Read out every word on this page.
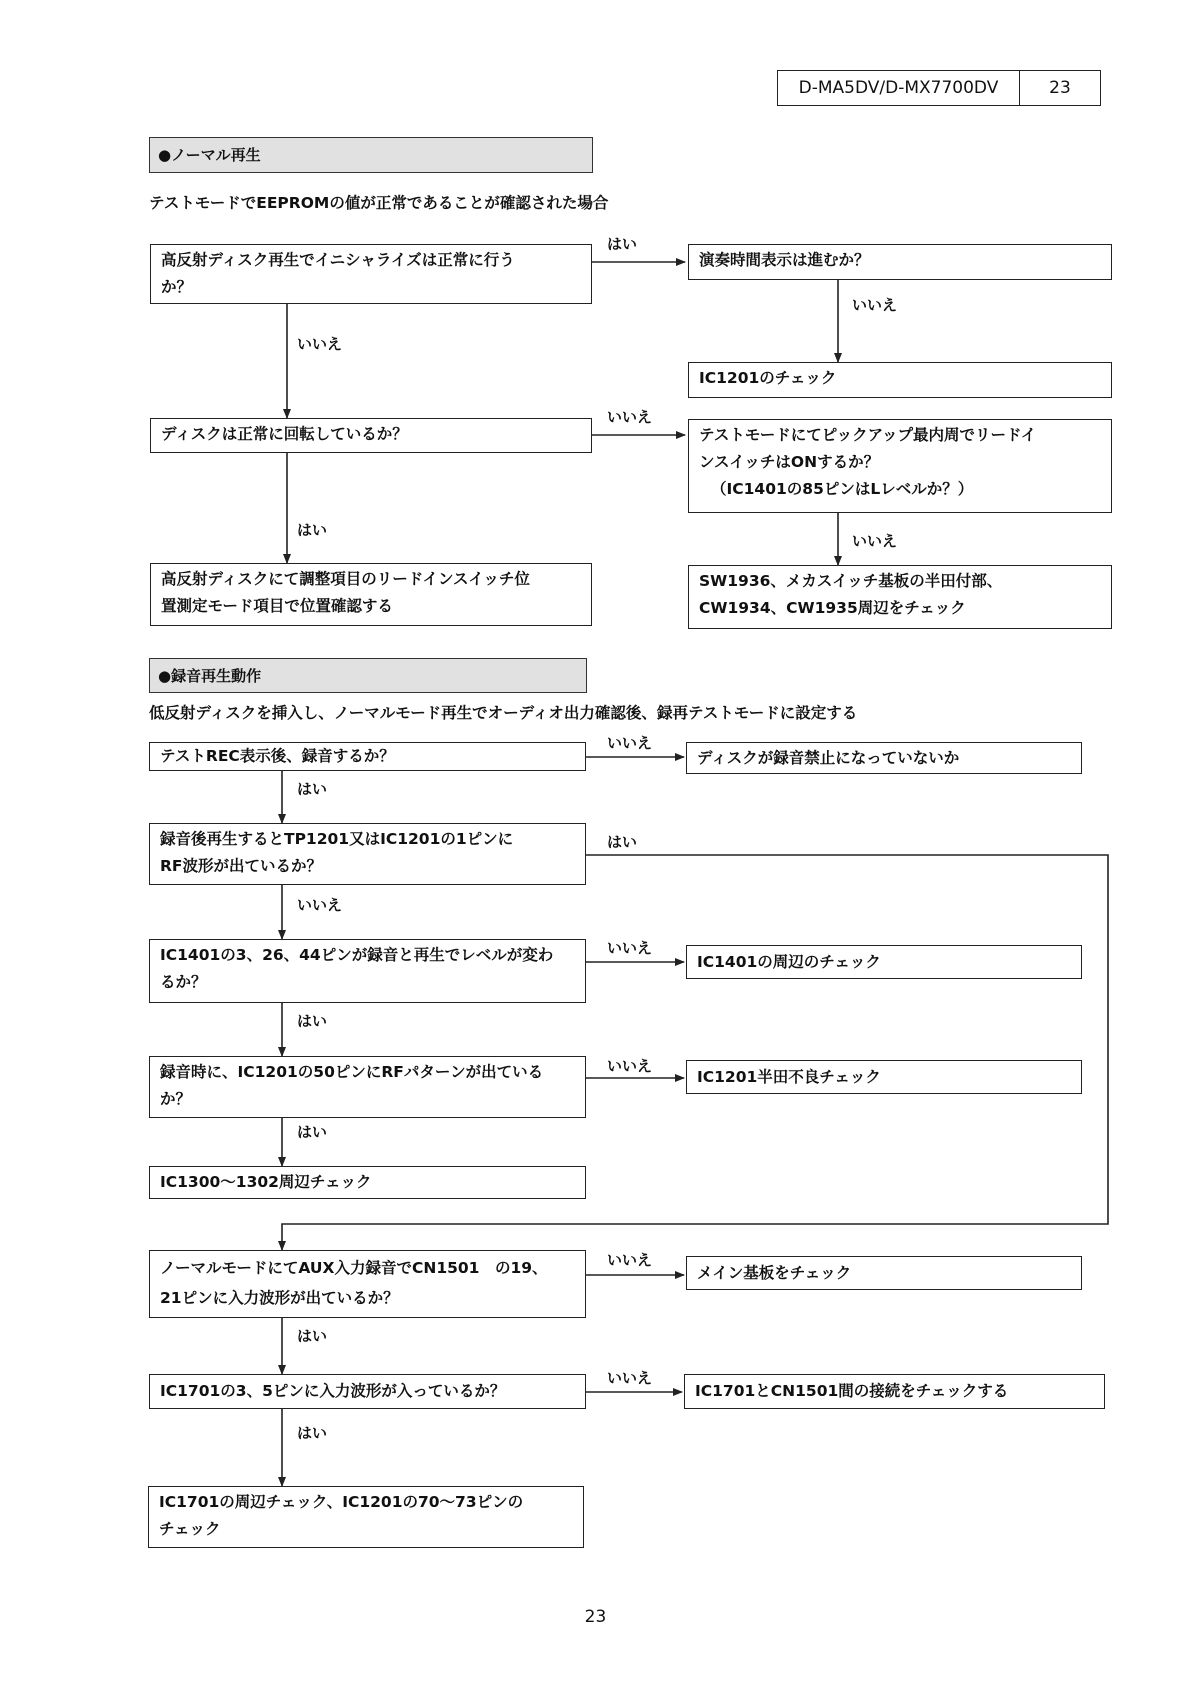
D-MA5DV/D-MX7700DV	23
●ノーマル再生
テストモードでEEPROMの値が正常であることが確認された場合
高反射ディスク再生でイニシャライズは正常に行う
か？
演奏時間表示は進むか？
IC1201のチェック
ディスクは正常に回転しているか？	テストモードにてピックアップ最内周でリードイ
ンスイッチはONするか？
（IC1401の85ピンはLレベルか？）
高反射ディスクにて調整項目のリードインスイッチ位
置測定モード項目で位置確認する
SW1936、メカスイッチ基板の半田付部、
CW1934、CW1935周辺をチェック
はい
いいえ
いいえ
いいえ
はい
いいえ
●録音再生動作
低反射ディスクを挿入し、ノーマルモード再生でオーディオ出力確認後、録再テストモードに設定する
テストREC表示後、録音するか？	ディスクが録音禁止になっていないか
録音後再生するとTP1201又はIC1201の1ピンに
RF波形が出ているか？
IC1401の3、26、44ピンが録音と再生でレベルが変わ
るか？
IC1401の周辺のチェック
録音時に、IC1201の50ピンにRFパターンが出ている
か？
IC1201半田不良チェック
IC1300～1302周辺チェック
ノーマルモードにてAUX入力録音でCN1501　の19、
21ピンに入力波形が出ているか？
メイン基板をチェック
IC1701の3、5ピンに入力波形が入っているか？	IC1701とCN1501間の接続をチェックする
IC1701の周辺チェック、IC1201の70～73ピンの
チェック
いいえ
はい
はい
いいえ
いいえ
はい
いいえ
はい
いいえ
はい
いいえ
はい
23
